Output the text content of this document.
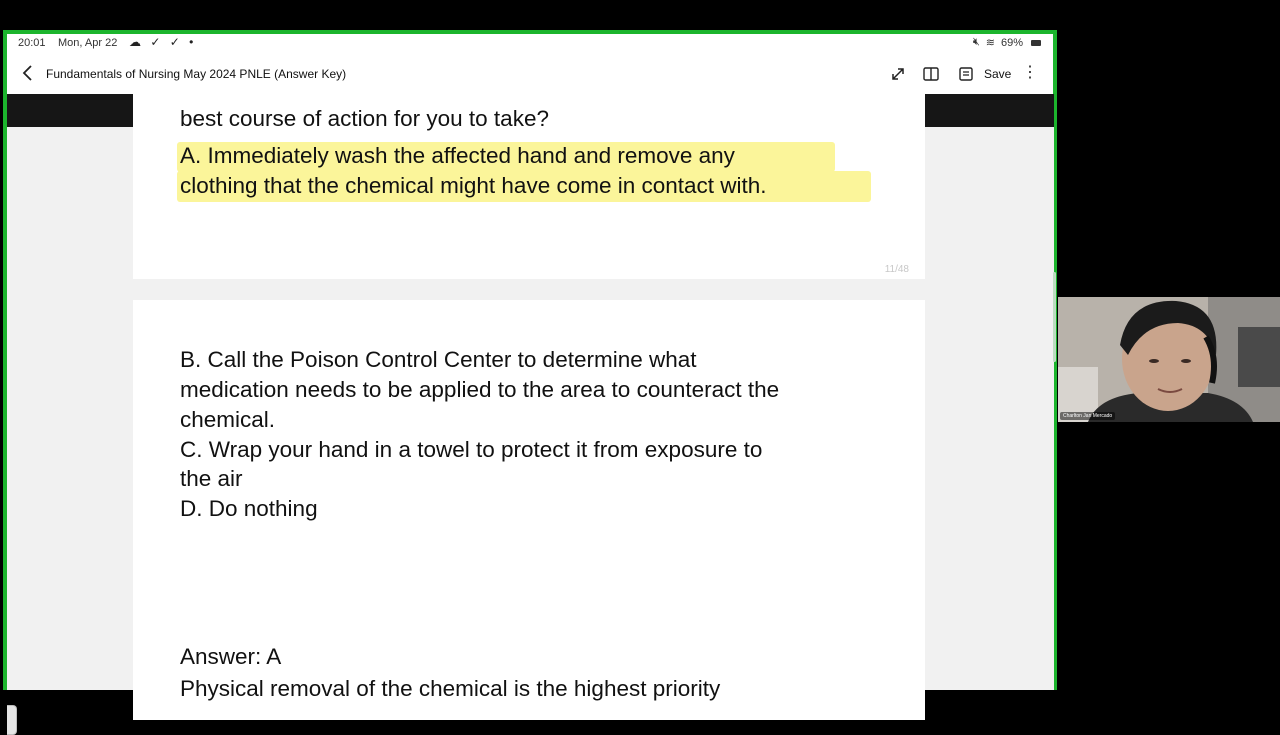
20:01 Mon, Apr 22 ☁ ✓ ✓ •	🔇︎ ≋ 69%
Fundamentals of Nursing May 2024 PNLE (Answer Key)	Save ⋮
best course of action for you to take?
A. Immediately wash the affected hand and remove any
clothing that the chemical might have come in contact with.
11/48
B. Call the Poison Control Center to determine what
medication needs to be applied to the area to counteract the
chemical.
C. Wrap your hand in a towel to protect it from exposure to
the air
D. Do nothing
Answer: A
Physical removal of the chemical is the highest priority
Charlton Jan Mercado
